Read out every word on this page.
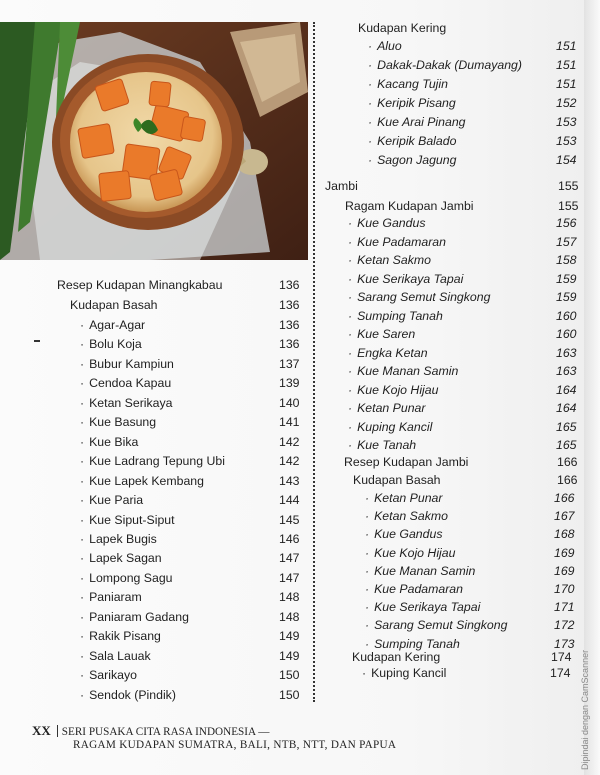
Resep Kudapan Minangkabau	136
Kudapan Basah	136
· Agar-Agar	136
· Bolu Koja	136
· Bubur Kampiun	137
· Cendoa Kapau	139
· Ketan Serikaya	140
· Kue Basung	141
· Kue Bika	142
· Kue Ladrang Tepung Ubi	142
· Kue Lapek Kembang	143
· Kue Paria	144
· Kue Siput-Siput	145
· Lapek Bugis	146
· Lapek Sagan	147
· Lompong Sagu	147
· Paniaram	148
· Paniaram Gadang	148
· Rakik Pisang	149
· Sala Lauak	149
· Sarikayo	150
· Sendok (Pindik)	150
Kudapan Kering
· Aluo	151
· Dakak-Dakak (Dumayang)	151
· Kacang Tujin	151
· Keripik Pisang	152
· Kue Arai Pinang	153
· Keripik Balado	153
· Sagon Jagung	154
Jambi	155
Ragam Kudapan Jambi	155
· Kue Gandus	156
· Kue Padamaran	157
· Ketan Sakmo	158
· Kue Serikaya Tapai	159
· Sarang Semut Singkong	159
· Sumping Tanah	160
· Kue Saren	160
· Engka Ketan	163
· Kue Manan Samin	163
· Kue Kojo Hijau	164
· Ketan Punar	164
· Kuping Kancil	165
· Kue Tanah	165
Resep Kudapan Jambi	166
Kudapan Basah	166
· Ketan Punar	166
· Ketan Sakmo	167
· Kue Gandus	168
· Kue Kojo Hijau	169
· Kue Manan Samin	169
· Kue Padamaran	170
· Kue Serikaya Tapai	171
· Sarang Semut Singkong	172
· Sumping Tanah	173
Kudapan Kering	174
· Kuping Kancil	174
XX SERI PUSAKA CITA RASA INDONESIA —
RAGAM KUDAPAN SUMATRA, BALI, NTB, NTT, DAN PAPUA	Dipindai dengan CamScanner
